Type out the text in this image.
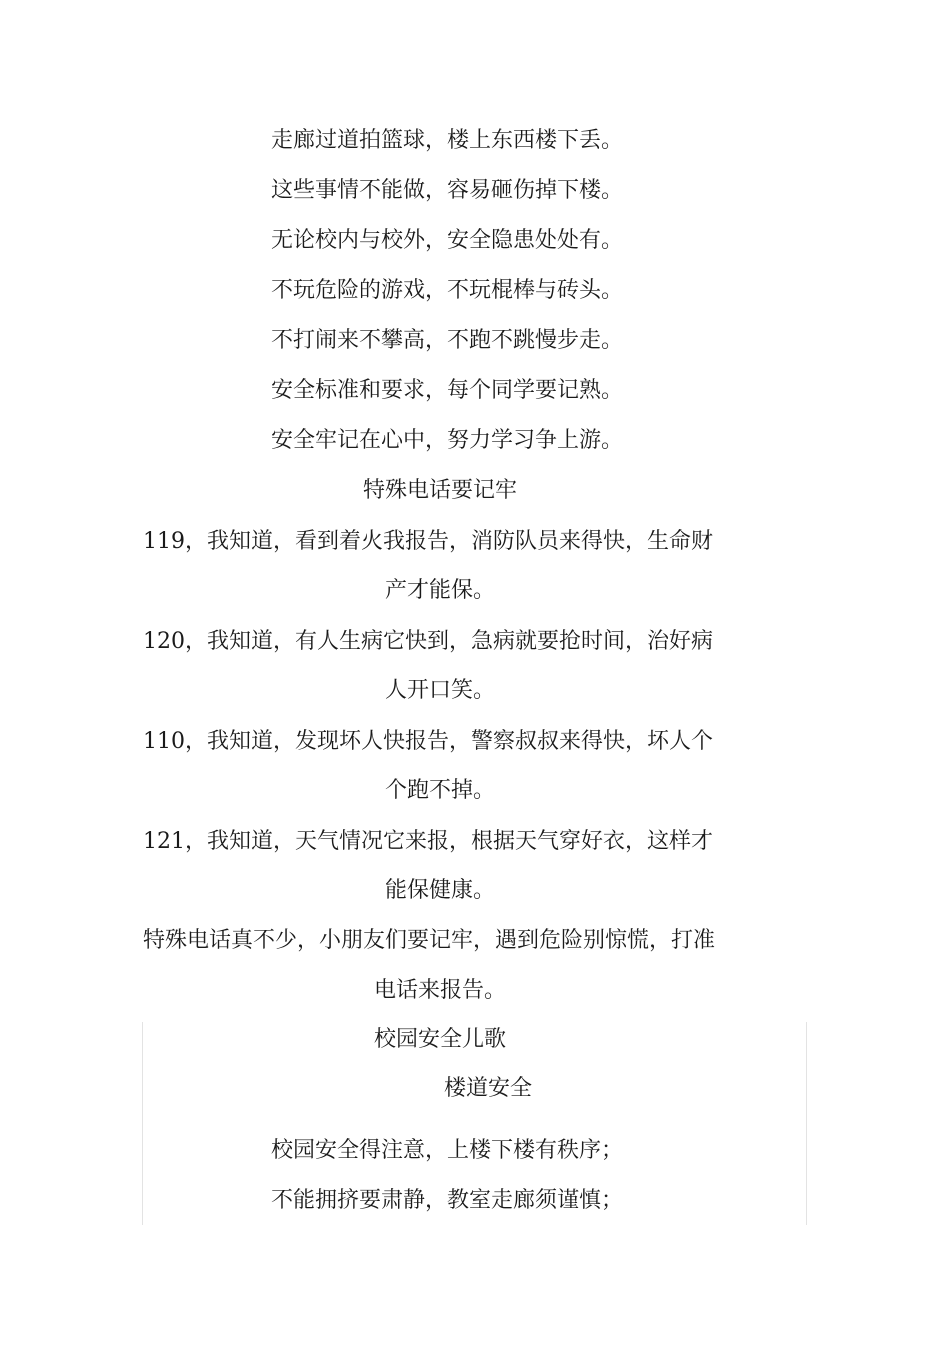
走廊过道拍篮球，楼上东西楼下丢。
这些事情不能做，容易砸伤掉下楼。
无论校内与校外，安全隐患处处有。
不玩危险的游戏，不玩棍棒与砖头。
不打闹来不攀高，不跑不跳慢步走。
安全标准和要求，每个同学要记熟。
安全牢记在心中，努力学习争上游。
特殊电话要记牢
119，我知道，看到着火我报告，消防队员来得快，生命财
产才能保。
120，我知道，有人生病它快到，急病就要抢时间，治好病
人开口笑。
110，我知道，发现坏人快报告，警察叔叔来得快，坏人个
个跑不掉。
121，我知道，天气情况它来报，根据天气穿好衣，这样才
能保健康。
特殊电话真不少，小朋友们要记牢，遇到危险别惊慌，打准
电话来报告。
校园安全儿歌
楼道安全
校园安全得注意，上楼下楼有秩序；
不能拥挤要肃静，教室走廊须谨慎；
